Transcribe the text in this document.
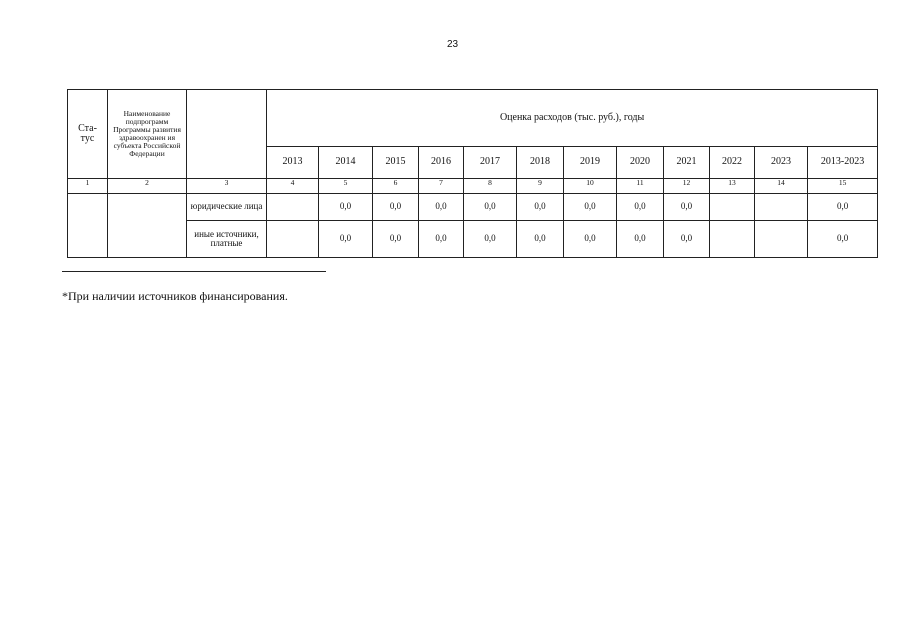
23
Ста-
тус	Наименование подпрограмм Программы развития здравоохранен ия субъекта Российской Федерации		Оценка расходов (тыс. руб.), годы											
			2013	2014	2015	2016	2017	2018	2019	2020	2021	2022	2023	2013-2023
1	2	3	4	5	6	7	8	9	10	11	12	13	14	15
		юридические лица		0,0	0,0	0,0	0,0	0,0	0,0	0,0	0,0			0,0
		иные источники, платные		0,0	0,0	0,0	0,0	0,0	0,0	0,0	0,0			0,0
*При наличии источников финансирования.
